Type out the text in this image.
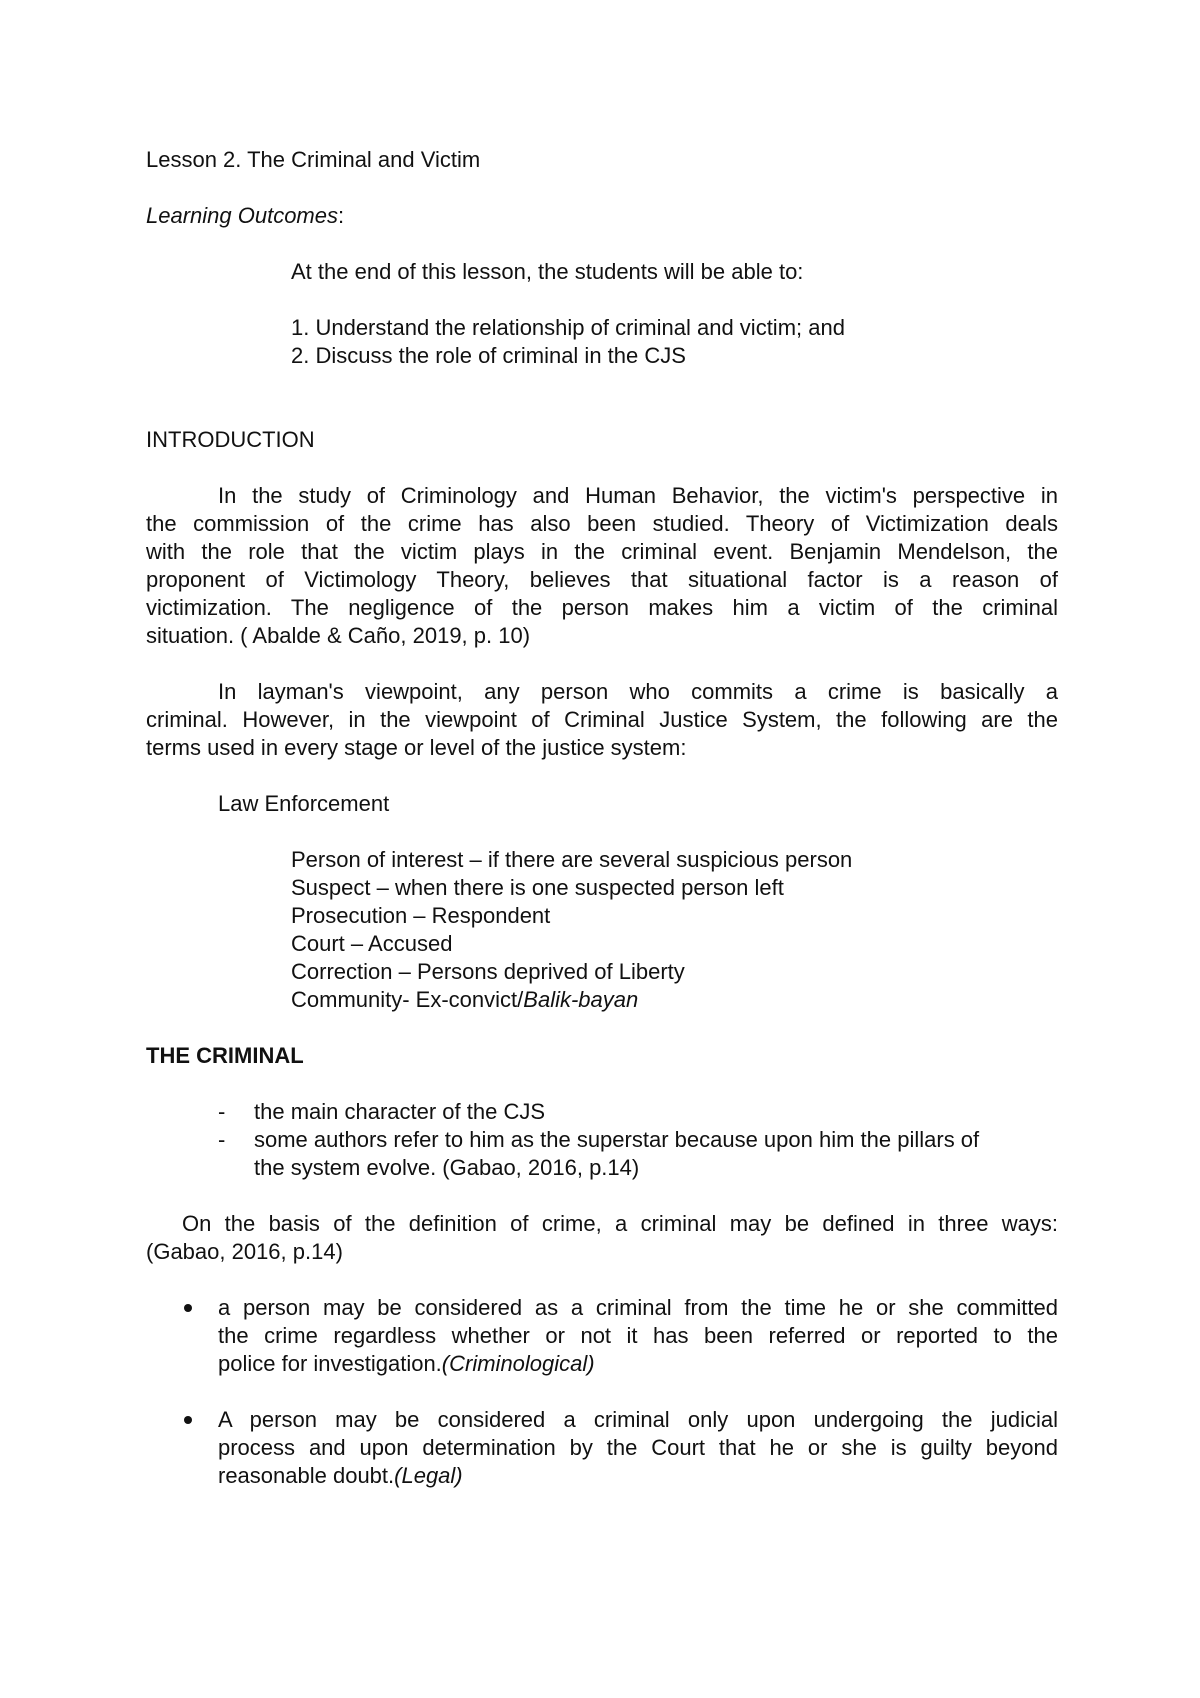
Lesson 2. The Criminal and Victim

Learning Outcomes:

At the end of this lesson, the students will be able to:

1. Understand the relationship of criminal and victim; and

2. Discuss the role of criminal in the CJS

INTRODUCTION

In the study of Criminology and Human Behavior, the victim's perspective in
the commission of the crime has also been studied. Theory of Victimization deals
with the role that the victim plays in the criminal event. Benjamin Mendelson, the
proponent of Victimology Theory, believes that situational factor is a reason of
victimization. The negligence of the person makes him a victim of the criminal
situation. ( Abalde & Caño, 2019, p. 10)
In layman's viewpoint, any person who commits a crime is basically a
criminal. However, in the viewpoint of Criminal Justice System, the following are the
terms used in every stage or level of the justice system:

Law Enforcement

Person of interest – if there are several suspicious person

Suspect – when there is one suspected person left

Prosecution – Respondent

Court – Accused

Correction – Persons deprived of Liberty

Community- Ex-convict/Balik-bayan

THE CRIMINAL

- the main character of the CJS
- some authors refer to him as the superstar because upon him the pillars of
the system evolve. (Gabao, 2016, p.14)
On the basis of the definition of crime, a criminal may be defined in three ways:
(Gabao, 2016, p.14)
a person may be considered as a criminal from the time he or she committed
the crime regardless whether or not it has been referred or reported to the
police for investigation.(Criminological)
A person may be considered a criminal only upon undergoing the judicial
process and upon determination by the Court that he or she is guilty beyond
reasonable doubt.(Legal)
